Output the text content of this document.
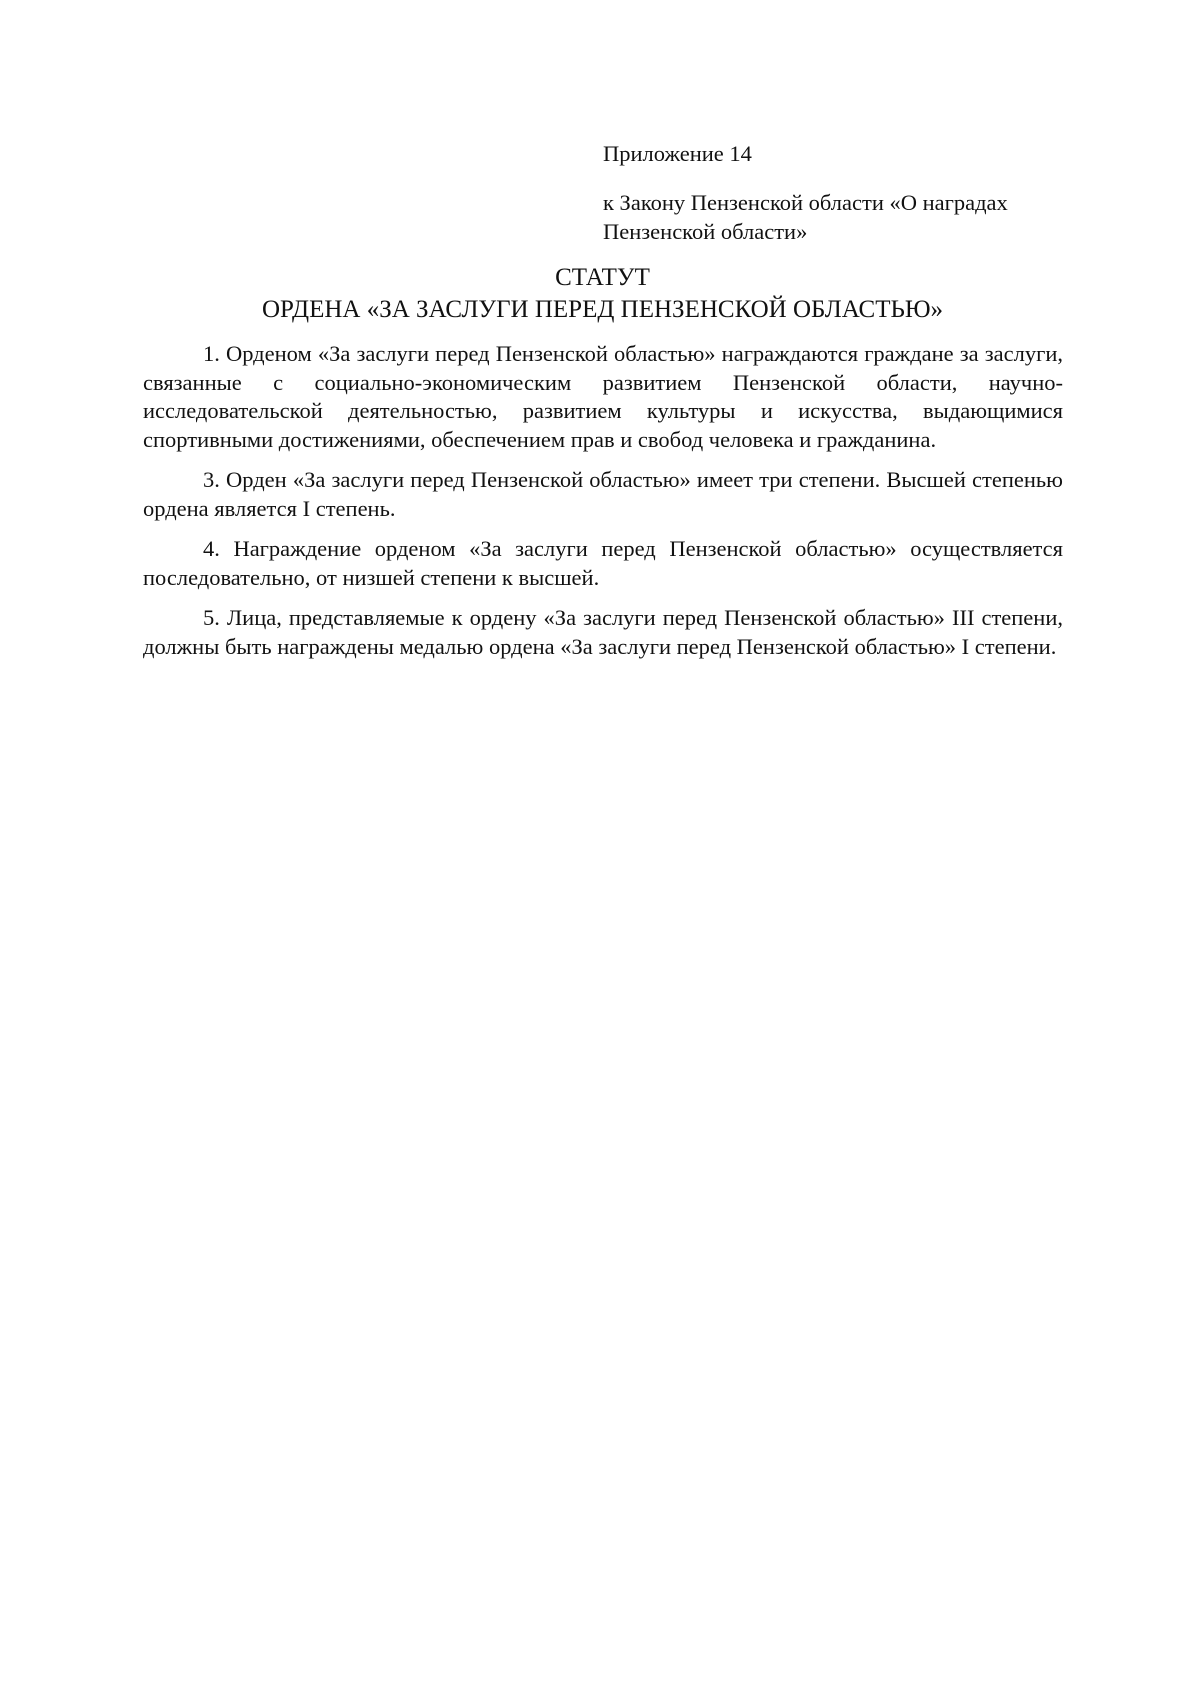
Приложение 14

к Закону Пензенской области «О наградах Пензенской области»

СТАТУТ
ОРДЕНА «ЗА ЗАСЛУГИ ПЕРЕД ПЕНЗЕНСКОЙ ОБЛАСТЬЮ»

1. Орденом «За заслуги перед Пензенской областью» награждаются граждане за заслуги, связанные с социально-экономическим развитием Пензенской области, научно-исследовательской деятельностью, развитием культуры и искусства, выдающимися спортивными достижениями, обеспечением прав и свобод человека и гражданина.

3. Орден «За заслуги перед Пензенской областью» имеет три степени. Высшей степенью ордена является I степень.

4. Награждение орденом «За заслуги перед Пензенской областью» осуществляется последовательно, от низшей степени к высшей.

5. Лица, представляемые к ордену «За заслуги перед Пензенской областью» III степени, должны быть награждены медалью ордена «За заслуги перед Пензенской областью» I степени.
